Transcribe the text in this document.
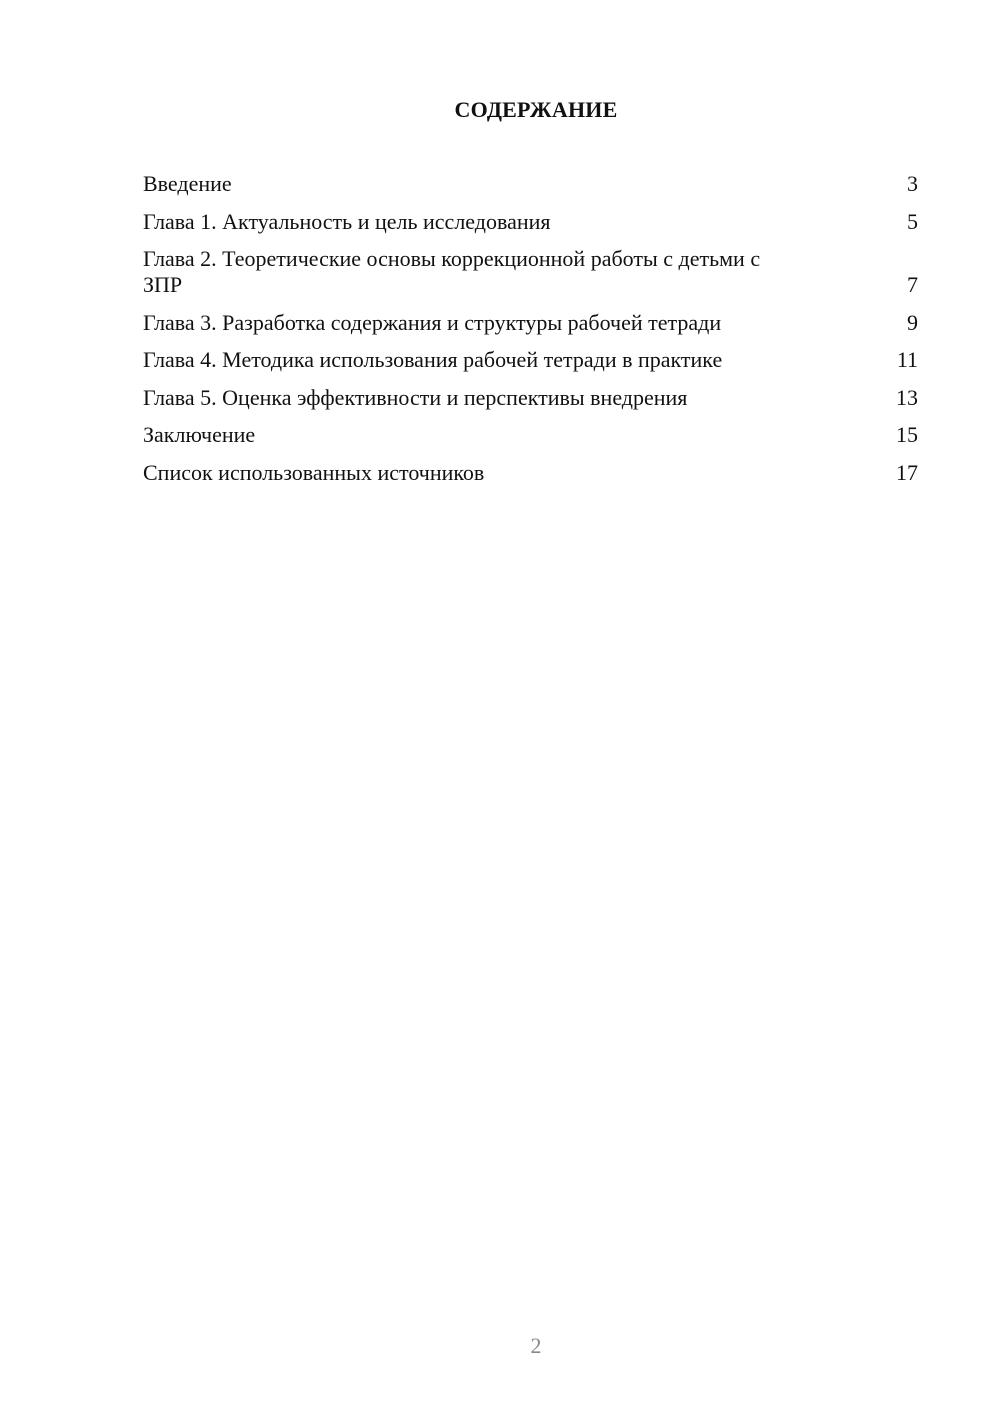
СОДЕРЖАНИЕ
Введение	3
Глава 1. Актуальность и цель исследования	5
Глава 2. Теоретические основы коррекционной работы с детьми с ЗПР	7
Глава 3. Разработка содержания и структуры рабочей тетради	9
Глава 4. Методика использования рабочей тетради в практике	11
Глава 5. Оценка эффективности и перспективы внедрения	13
Заключение	15
Список использованных источников	17
2
